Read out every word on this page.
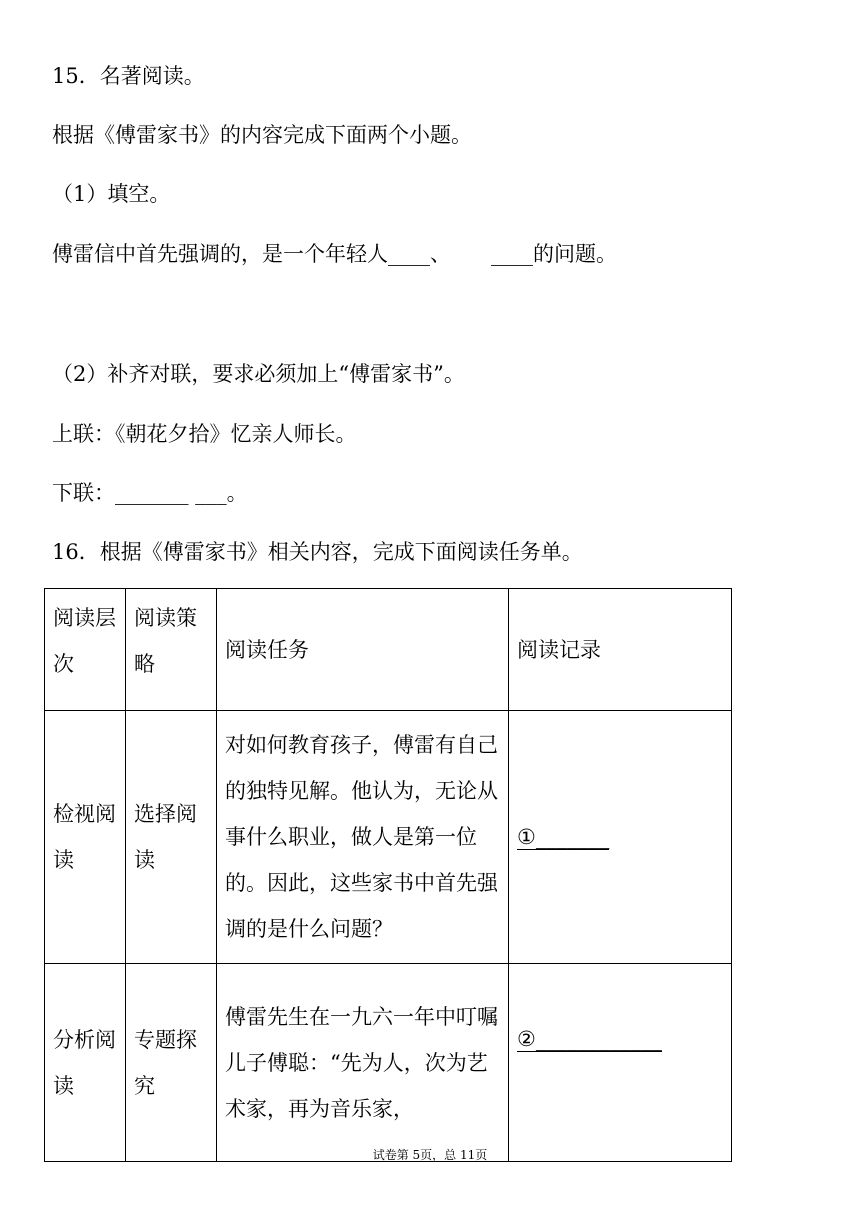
15．名著阅读。
根据《傅雷家书》的内容完成下面两个小题。
（1）填空。
傅雷信中首先强调的，是一个年轻人____、      ____的问题。
（2）补齐对联，要求必须加上“傅雷家书”。
上联：《朝花夕拾》忆亲人师长。
下联：_______ ___。
16．根据《傅雷家书》相关内容，完成下面阅读任务单。
阅读层次	阅读策略	阅读任务	阅读记录
检视阅读	选择阅读	对如何教育孩子，傅雷有自己的独特见解。他认为，无论从事什么职业，做人是第一位的。因此，这些家书中首先强调的是什么问题？	①_______
分析阅读	专题探究	傅雷先生在一九六一年中叮嘱儿子傅聪：“先为人，次为艺术家，再为音乐家，	②____________
试卷第 5页，总 11页
